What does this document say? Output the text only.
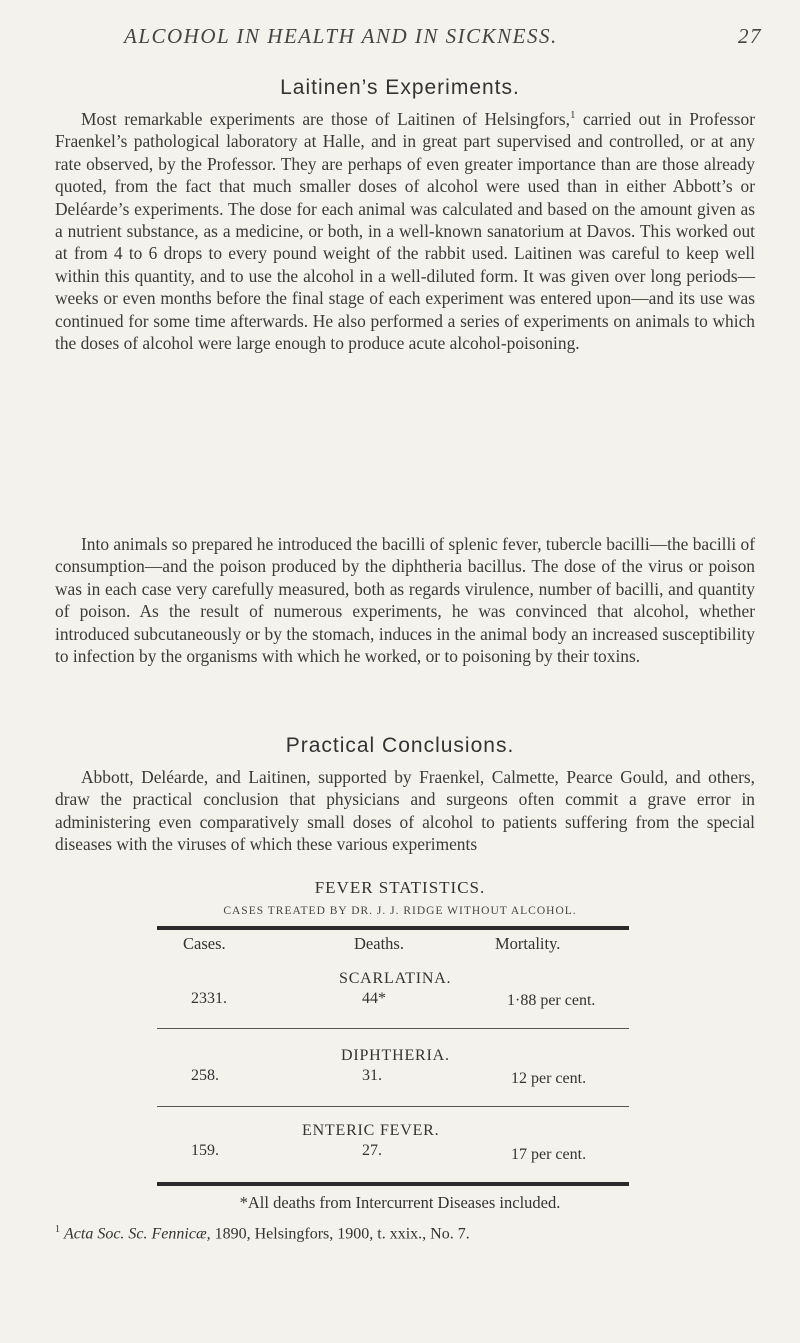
ALCOHOL IN HEALTH AND IN SICKNESS.	27
Laitinen’s Experiments.

Most remarkable experiments are those of Laitinen of Helsingfors,$^1$ carried out in Professor Fraenkel’s pathological laboratory at Halle, and in great part supervised and controlled, or at any rate observed, by the Professor. They are perhaps of even greater importance than are those already quoted, from the fact that much smaller doses of alcohol were used than in either Abbott’s or Deléarde’s experiments. The dose for each animal was calculated and based on the amount given as a nutrient substance, as a medicine, or both, in a well-known sanatorium at Davos. This worked out at from 4 to 6 drops to every pound weight of the rabbit used. Laitinen was careful to keep well within this quantity, and to use the alcohol in a well-diluted form. It was given over long periods—weeks or even months before the final stage of each experiment was entered upon—and its use was continued for some time afterwards. He also performed a series of experiments on animals to which the doses of alcohol were large enough to produce acute alcohol-poisoning.

Into animals so prepared he introduced the bacilli of splenic fever, tubercle bacilli—the bacilli of consumption—and the poison produced by the diphtheria bacillus. The dose of the virus or poison was in each case very carefully measured, both as regards virulence, number of bacilli, and quantity of poison. As the result of numerous experiments, he was convinced that alcohol, whether introduced subcutaneously or by the stomach, induces in the animal body an increased susceptibility to infection by the organisms with which he worked, or to poisoning by their toxins.

Practical Conclusions.

Abbott, Deléarde, and Laitinen, supported by Fraenkel, Calmette, Pearce Gould, and others, draw the practical conclusion that physicians and surgeons often commit a grave error in administering even comparatively small doses of alcohol to patients suffering from the special diseases with the viruses of which these various experiments

FEVER STATISTICS.
CASES TREATED BY DR. J. J. RIDGE WITHOUT ALCOHOL.
Cases.	Deaths.	Mortality.
SCARLATINA.
2331.	44*	1·88 per cent.
DIPHTHERIA.
258.	31.	12 per cent.
ENTERIC FEVER.
159.	27.	17 per cent.
*All deaths from Intercurrent Diseases included.
$^1$ Acta Soc. Sc. Fennicæ, 1890, Helsingfors, 1900, t. xxix., No. 7.
